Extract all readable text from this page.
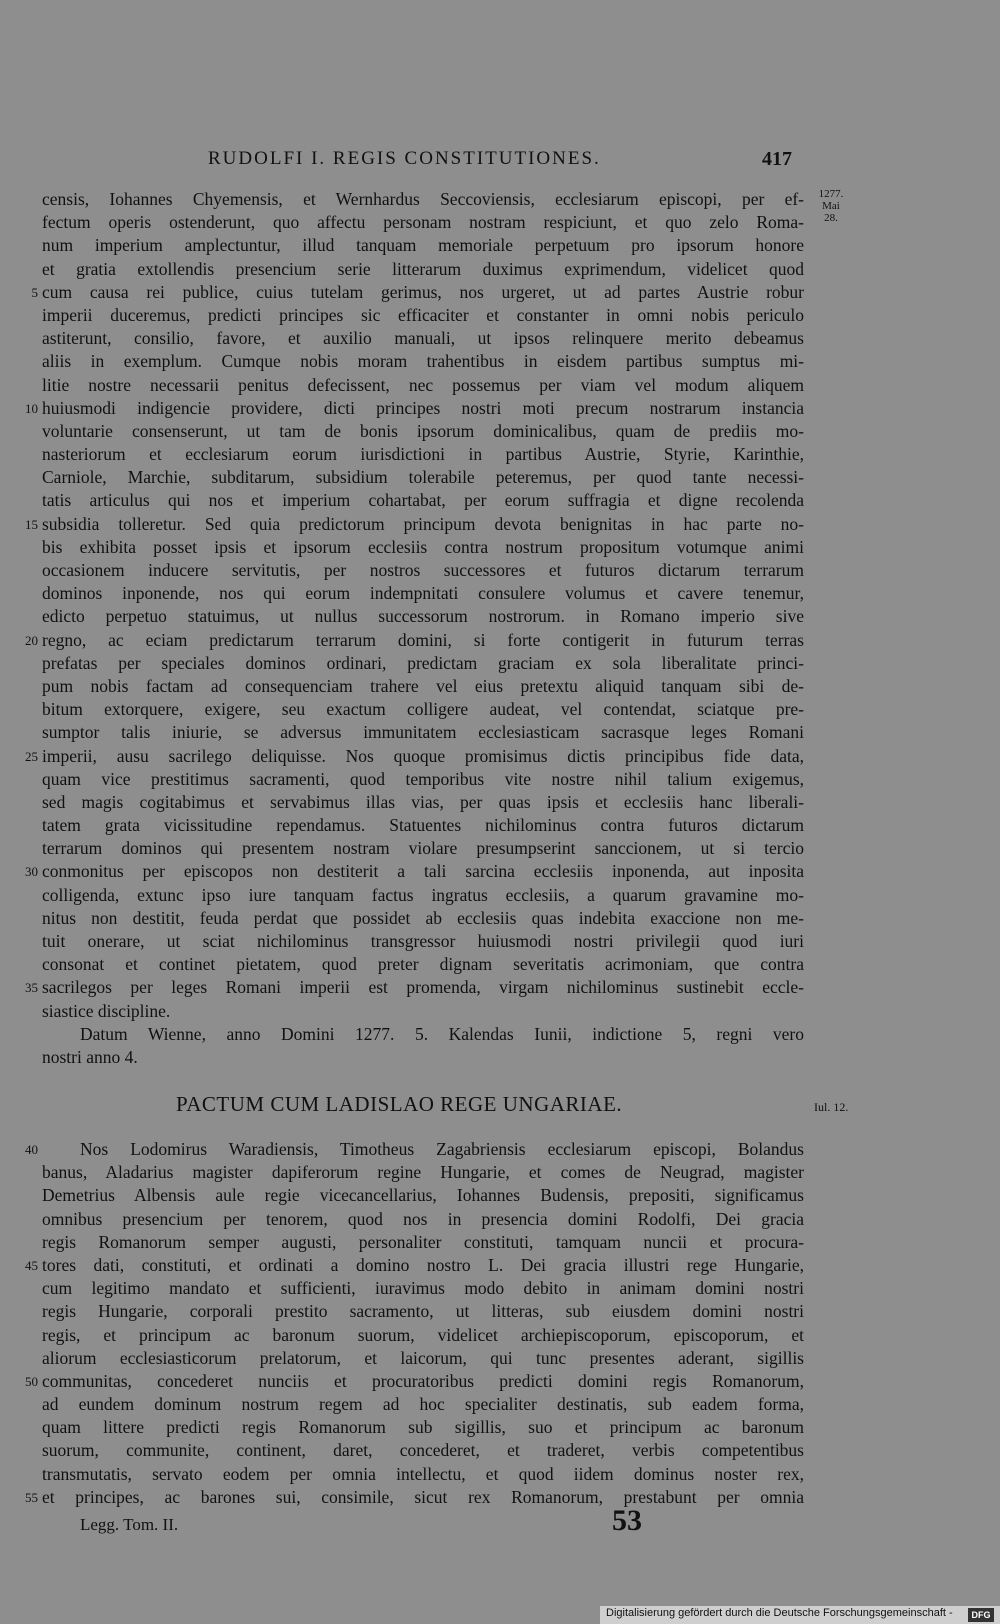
RUDOLFI I. REGIS CONSTITUTIONES.	417
1277.
Mai
28.
censis, Iohannes Chyemensis, et Wernhardus Seccoviensis, ecclesiarum episcopi, per ef-
fectum operis ostenderunt, quo affectu personam nostram respiciunt, et quo zelo Roma-
num imperium amplectuntur, illud tanquam memoriale perpetuum pro ipsorum honore
et gratia extollendis presencium serie litterarum duximus exprimendum, videlicet quod
5 cum causa rei publice, cuius tutelam gerimus, nos urgeret, ut ad partes Austrie robur
imperii duceremus, predicti principes sic efficaciter et constanter in omni nobis periculo
astiterunt, consilio, favore, et auxilio manuali, ut ipsos relinquere merito debeamus
aliis in exemplum. Cumque nobis moram trahentibus in eisdem partibus sumptus mi-
litie nostre necessarii penitus defecissent, nec possemus per viam vel modum aliquem
10 huiusmodi indigencie providere, dicti principes nostri moti precum nostrarum instancia
voluntarie consenserunt, ut tam de bonis ipsorum dominicalibus, quam de prediis mo-
nasteriorum et ecclesiarum eorum iurisdictioni in partibus Austrie, Styrie, Karinthie,
Carniole, Marchie, subditarum, subsidium tolerabile peteremus, per quod tante necessi-
tatis articulus qui nos et imperium cohartabat, per eorum suffragia et digne recolenda
15 subsidia tolleretur. Sed quia predictorum principum devota benignitas in hac parte no-
bis exhibita posset ipsis et ipsorum ecclesiis contra nostrum propositum votumque animi
occasionem inducere servitutis, per nostros successores et futuros dictarum terrarum
dominos inponende, nos qui eorum indempnitati consulere volumus et cavere tenemur,
edicto perpetuo statuimus, ut nullus successorum nostrorum. in Romano imperio sive
20 regno, ac eciam predictarum terrarum domini, si forte contigerit in futurum terras
prefatas per speciales dominos ordinari, predictam graciam ex sola liberalitate princi-
pum nobis factam ad consequenciam trahere vel eius pretextu aliquid tanquam sibi de-
bitum extorquere, exigere, seu exactum colligere audeat, vel contendat, sciatque pre-
sumptor talis iniurie, se adversus immunitatem ecclesiasticam sacrasque leges Romani
25 imperii, ausu sacrilego deliquisse. Nos quoque promisimus dictis principibus fide data,
quam vice prestitimus sacramenti, quod temporibus vite nostre nihil talium exigemus,
sed magis cogitabimus et servabimus illas vias, per quas ipsis et ecclesiis hanc liberali-
tatem grata vicissitudine rependamus. Statuentes nichilominus contra futuros dictarum
terrarum dominos qui presentem nostram violare presumpserint sanccionem, ut si tercio
30 conmonitus per episcopos non destiterit a tali sarcina ecclesiis inponenda, aut inposita
colligenda, extunc ipso iure tanquam factus ingratus ecclesiis, a quarum gravamine mo-
nitus non destitit, feuda perdat que possidet ab ecclesiis quas indebita exaccione non me-
tuit onerare, ut sciat nichilominus transgressor huiusmodi nostri privilegii quod iuri
consonat et continet pietatem, quod preter dignam severitatis acrimoniam, que contra
35 sacrilegos per leges Romani imperii est promenda, virgam nichilominus sustinebit eccle-
siastice discipline.
Datum Wienne, anno Domini 1277. 5. Kalendas Iunii, indictione 5, regni vero
nostri anno 4.
PACTUM CUM LADISLAO REGE UNGARIAE.	Iul. 12.
40	Nos Lodomirus Waradiensis, Timotheus Zagabriensis ecclesiarum episcopi, Bolandus
banus, Aladarius magister dapiferorum regine Hungarie, et comes de Neugrad, magister
Demetrius Albensis aule regie vicecancellarius, Iohannes Budensis, prepositi, significamus
omnibus presencium per tenorem, quod nos in presencia domini Rodolfi, Dei gracia
regis Romanorum semper augusti, personaliter constituti, tamquam nuncii et procura-
45 tores dati, constituti, et ordinati a domino nostro L. Dei gracia illustri rege Hungarie,
cum legitimo mandato et sufficienti, iuravimus modo debito in animam domini nostri
regis Hungarie, corporali prestito sacramento, ut litteras, sub eiusdem domini nostri
regis, et principum ac baronum suorum, videlicet archiepiscoporum, episcoporum, et
aliorum ecclesiasticorum prelatorum, et laicorum, qui tunc presentes aderant, sigillis
50 communitas, concederet nunciis et procuratoribus predicti domini regis Romanorum,
ad eundem dominum nostrum regem ad hoc specialiter destinatis, sub eadem forma,
quam littere predicti regis Romanorum sub sigillis, suo et principum ac baronum
suorum, communite, continent, daret, concederet, et traderet, verbis competentibus
transmutatis, servato eodem per omnia intellectu, et quod iidem dominus noster rex,
55 et principes, ac barones sui, consimile, sicut rex Romanorum, prestabunt per omnia
Legg. Tom. II.	53
Digitalisierung gefördert durch die Deutsche Forschungsgemeinschaft -	DFG
